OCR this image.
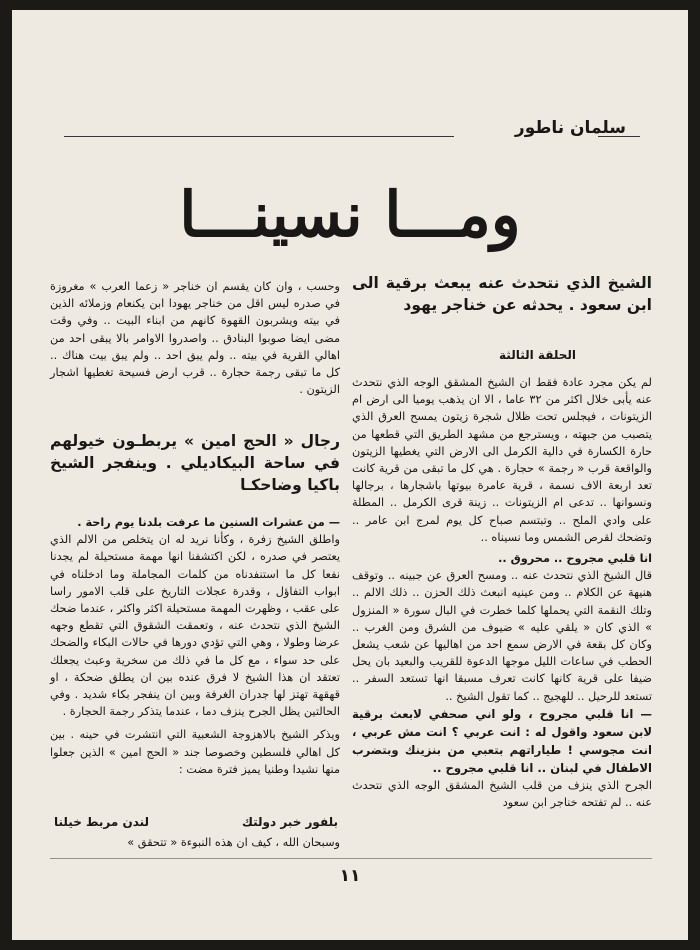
سلمان ناطور
ومـــا نسينـــا
الشيخ الذي نتحدث عنه يبعث برقية الى ابن سعود . يحدثه عن خناجر يهود
الحلقة الثالثة

لم يكن مجرد عادة فقط ان الشيخ المشقق الوجه الذي نتحدث عنه يأبى خلال اكثر من ٣٢ عاما ، الا ان يذهب يوميا الى ارض ام الزيتونات ، فيجلس تحت ظلال شجرة زيتون يمسح العرق الذي يتصبب من جبهته ، ويسترجع من مشهد الطريق التي قطعها من حارة الكسارة في دالية الكرمل الى الارض التي يغطيها الزيتون والواقعة قرب « رجمة » حجارة . هي كل ما تبقى من قرية كانت تعد اربعة الاف نسمة ، قرية عامرة بيوتها باشجارها ، برجالها ونسوانها .. تدعى ام الزيتونات .. زينة قرى الكرمل .. المطلة على وادي الملح .. وتبتسم صباح كل يوم لمرج ابن عامر .. وتضحك لقرص الشمس وما نسيناه ..

انا قلبي مجروح .. محروق ..

قال الشيخ الذي نتحدث عنه .. ومسح العرق عن جبينه .. وتوقف هنيهة عن الكلام .. ومن عينيه انبعث ذلك الحزن .. ذلك الالم .. وتلك النقمة التي يحملها كلما خطرت في البال سورة « المنزول » الذي كان « يلقي عليه » ضيوف من الشرق ومن الغرب .. وكان كل بقعة في الارض سمع احد من اهاليها عن شعب يشعل الحطب في ساعات الليل موجها الدعوة للقريب والبعيد بان يحل ضيفا على قرية كانها كانت تعرف مسبقا انها تستعد السفر .. تستعد للرحيل .. للهجيج .. كما تقول الشيخ ..

— انا قلبي مجروح ، ولو اني صحفي لابعث برقية لابن سعود واقول له : انت عربي ؟ انت مش عربي ، انت مجوسي ! طياراتهم بتعبي من بنزينك وبتضرب الاطفال في لبنان .. انا قلبي مجروح ..

الجرح الذي ينزف من قلب الشيخ المشقق الوجه الذي نتحدث عنه .. لم تفتحه خناجر ابن سعود

وحسب ، وان كان يقسم ان خناجر « زعما العرب » مغروزة في صدره ليس اقل من خناجر يهودا ابن يكنعام وزملائه الذين في بيته ويشربون القهوة كانهم من ابناء البيت .. وفي وقت مضى ايضا صوبوا البنادق .. واصدروا الاوامر بالا يبقى احد من اهالي القرية في بيته .. ولم يبق احد .. ولم يبق بيت هناك .. كل ما تبقى رجمة حجارة .. قرب ارض فسيحة تغطيها اشجار الزيتون .
رجال « الحج امين » يربطـون خيولهم في ساحة البيكاديلي . وينفجر الشيخ باكيا وضاحكـا

— من عشرات السنين ما عرفت بلدنا يوم راحة .

واطلق الشيخ زفرة ، وكأنا نريد له ان يتخلص من الالم الذي يعتصر في صدره ، لكن اكتشفنا انها مهمة مستحيلة لم يجدنا نفعا كل ما استنفدناه من كلمات المجاملة وما ادخلناه في ابواب التفاؤل ، وقدرة عجلات التاريخ على قلب الامور راسا على عقب ، وظهرت المهمة مستحيلة اكثر واكثر ، عندما ضحك الشيخ الذي نتحدث عنه ، وتعمقت الشقوق التي تقطع وجهه عرضا وطولا ، وهي التي تؤدي دورها في حالات البكاء والضحك على حد سواء ، مع كل ما في ذلك من سخرية وعبث يجعلك تعتقد ان هذا الشيخ لا فرق عنده بين ان يطلق ضحكة ، او قهقهة تهتز لها جدران الغرفة وبين ان ينفجر بكاء شديد . وفي الحالتين يظل الجرح ينزف دما ، عندما يتذكر رجمة الحجارة .

ويذكر الشيخ بالاهزوجة الشعبية التي انتشرت في حينه . بين كل اهالي فلسطين وخصوصا جند « الحج امين » الذين جعلوا منها نشيدا وطنيا يميز فترة مضت :

بلفور خبر دولتك
لندن مربط خيلنا
وسبحان الله ، كيف ان هذه النبوءة « تتحقق »
١١
